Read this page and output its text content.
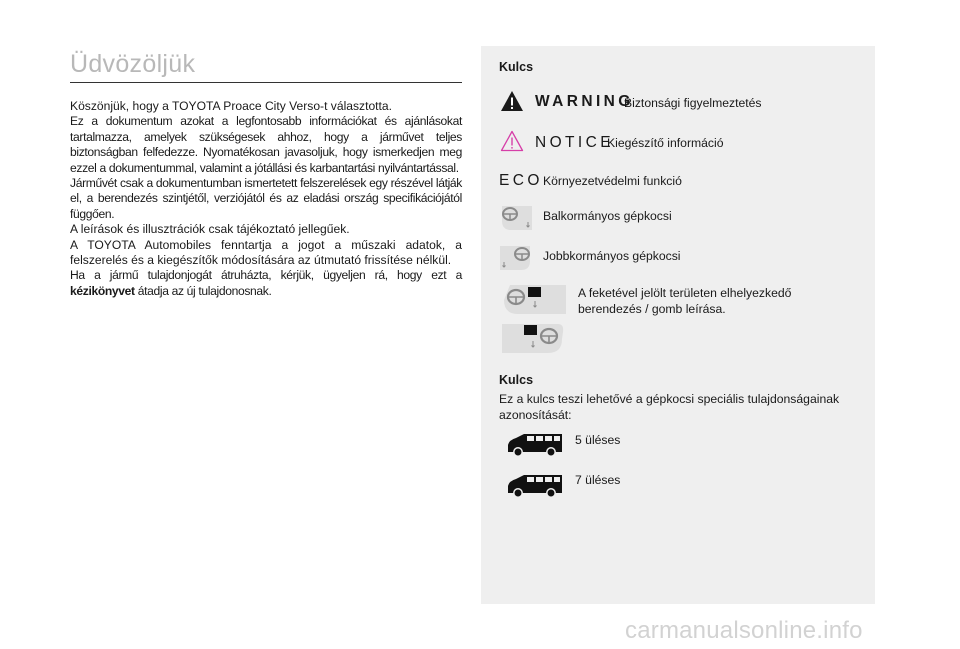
Üdvözöljük

Köszönjük, hogy a TOYOTA Proace City Verso-t választotta.

Ez a dokumentum azokat a legfontosabb információkat és ajánlásokat tartalmazza, amelyek szükségesek ahhoz, hogy a járművet teljes biztonságban felfedezze. Nyomatékosan javasoljuk, hogy ismerkedjen meg ezzel a dokumentummal, valamint a jótállási és karbantartási nyilvántartással.

Járművét csak a dokumentumban ismertetett felszerelések egy részével látják el, a berendezés szintjétől, verziójától és az eladási ország specifikációjától függően.

A leírások és illusztrációk csak tájékoztató jellegűek.

A TOYOTA Automobiles fenntartja a jogot a műszaki adatok, a felszerelés és a kiegészítők módosítására az útmutató frissítése nélkül.

Ha a jármű tulajdonjogát átruházta, kérjük, ügyeljen rá, hogy ezt a kézikönyvet átadja az új tulajdonosnak.

Kulcs
WARNING
Biztonsági figyelmeztetés
NOTICE
Kiegészítő információ
ECO Környezetvédelmi funkció
Balkormányos gépkocsi
Jobbkormányos gépkocsi
A feketével jelölt területen elhelyezkedő
berendezés / gomb leírása.
Kulcs
Ez a kulcs teszi lehetővé a gépkocsi speciális tulajdonságainak
azonosítását:
5 üléses
7 üléses
carmanualsonline.info
